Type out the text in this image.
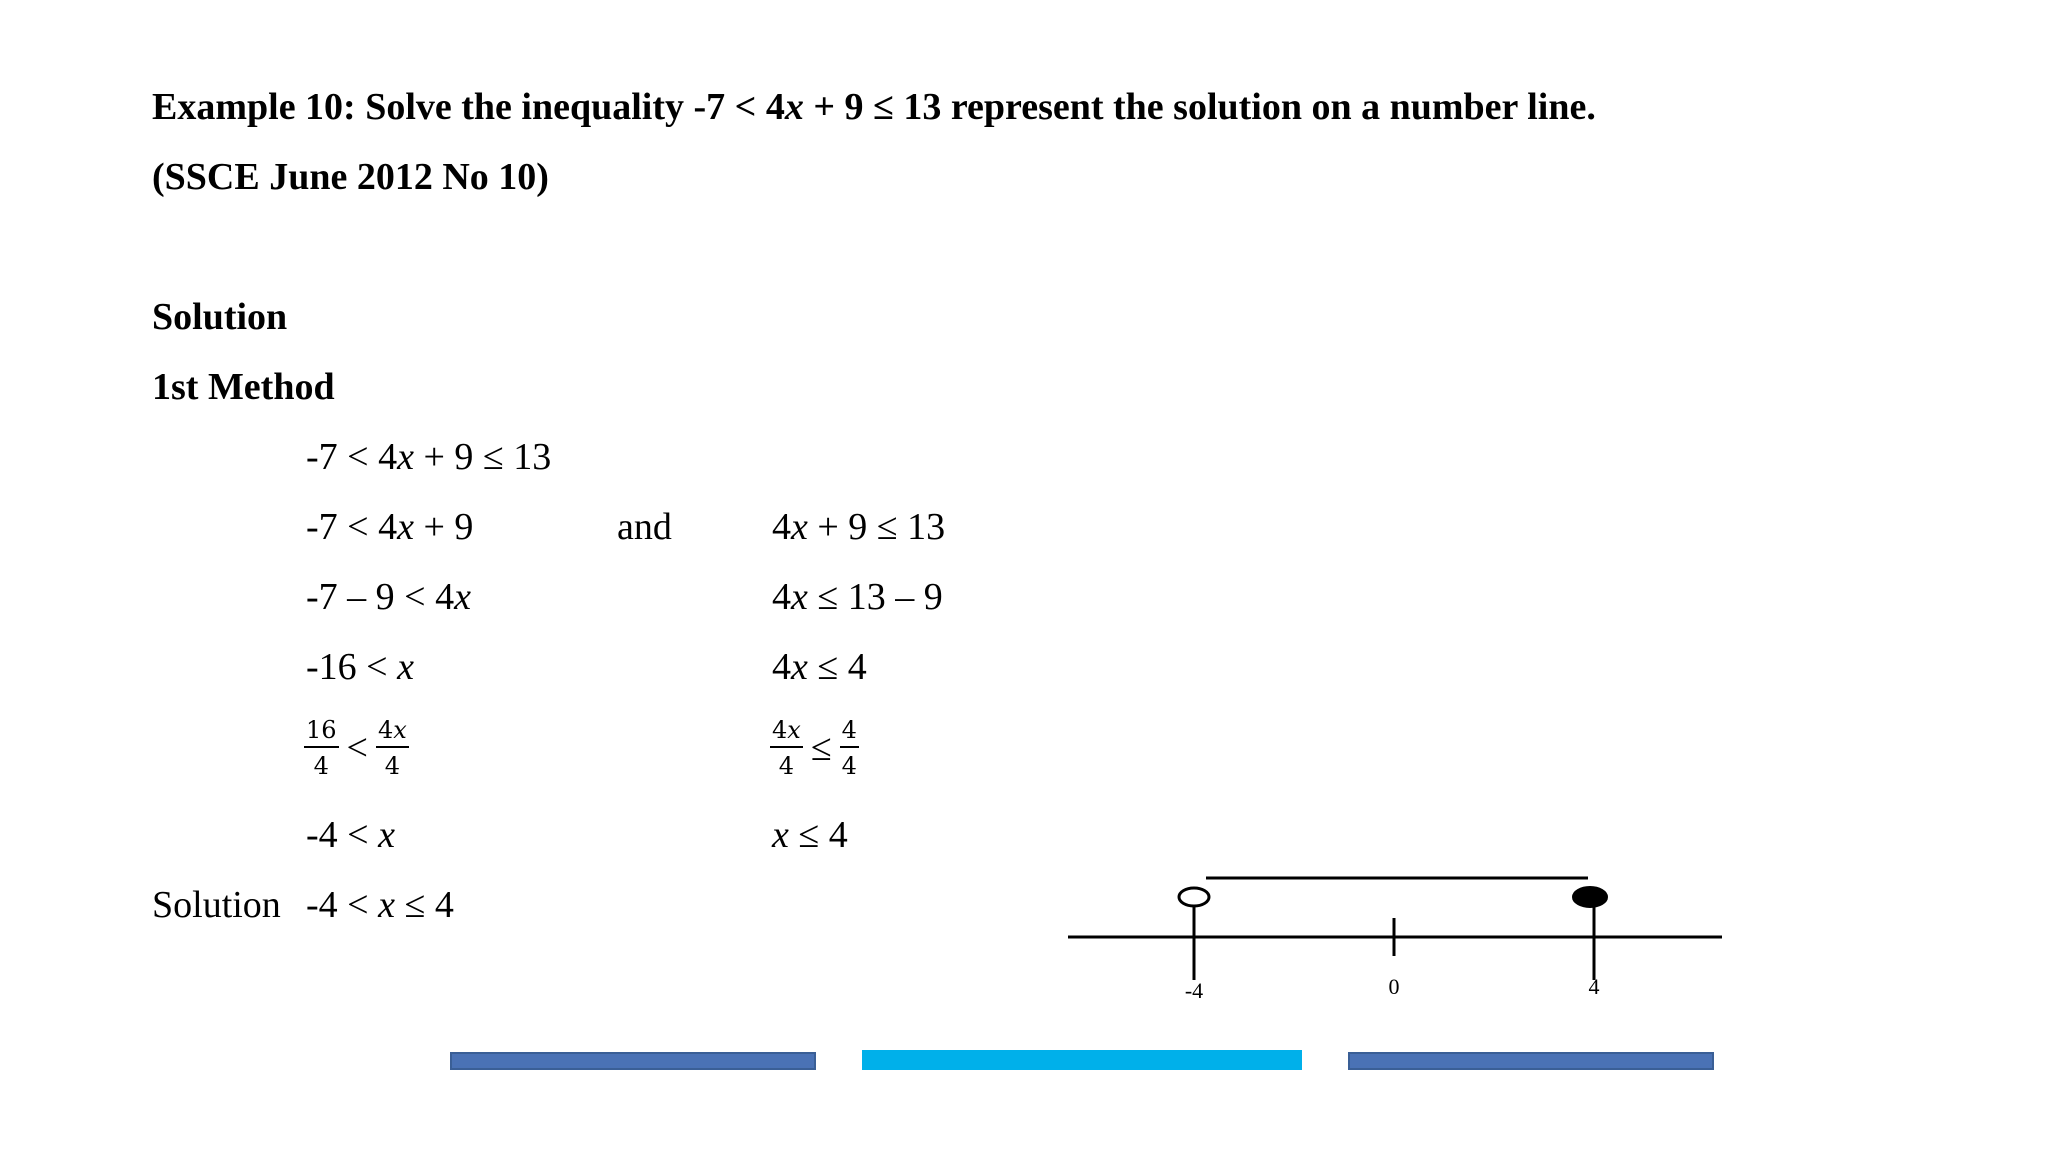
Example 10: Solve the inequality -7 < 4x + 9 ≤ 13 represent the solution on a number line.
(SSCE June 2012 No 10)
Solution
1st Method
-7 < 4x + 9 ≤ 13
-7 < 4x + 9	and	4x + 9 ≤ 13
-7 – 9 < 4x	4x ≤ 13 – 9
-16 < x	4x ≤ 4
$\frac{16}{4} < \frac{\text{4𝑥}}{4}$	$\frac{\text{4𝑥}}{4} \le \frac{4}{4}$
-4 < x	x ≤ 4
Solution -4 < x ≤ 4
-4	0	4
